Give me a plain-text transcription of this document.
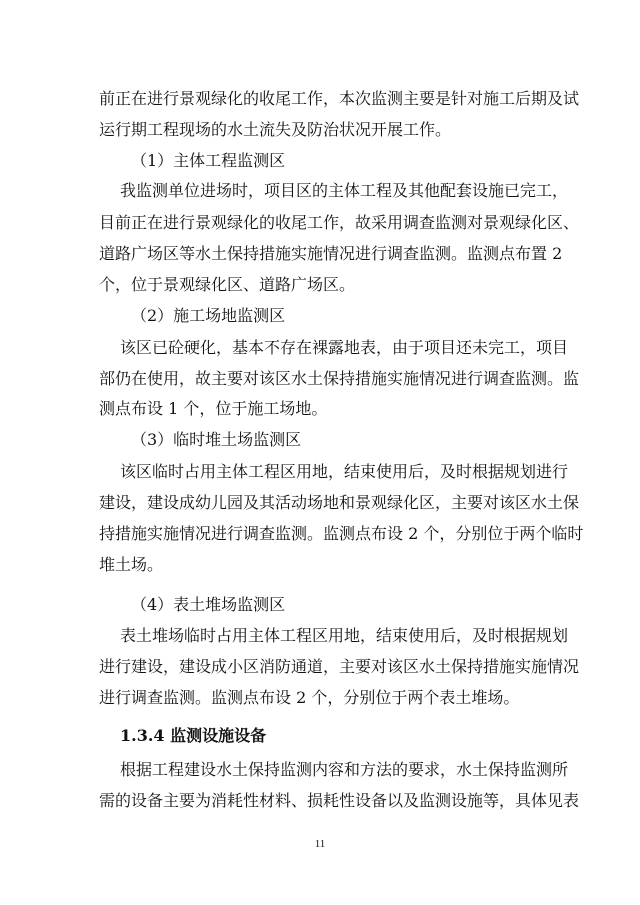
前正在进行景观绿化的收尾工作，本次监测主要是针对施工后期及试
运行期工程现场的水土流失及防治状况开展工作。
（1）主体工程监测区
我监测单位进场时，项目区的主体工程及其他配套设施已完工，
目前正在进行景观绿化的收尾工作，故采用调查监测对景观绿化区、
道路广场区等水土保持措施实施情况进行调查监测。监测点布置 2
个，位于景观绿化区、道路广场区。
（2）施工场地监测区
该区已砼硬化，基本不存在裸露地表，由于项目还未完工，项目
部仍在使用，故主要对该区水土保持措施实施情况进行调查监测。监
测点布设 1 个，位于施工场地。
（3）临时堆土场监测区
该区临时占用主体工程区用地，结束使用后，及时根据规划进行
建设，建设成幼儿园及其活动场地和景观绿化区，主要对该区水土保
持措施实施情况进行调查监测。监测点布设 2 个，分别位于两个临时
堆土场。
（4）表土堆场监测区
表土堆场临时占用主体工程区用地，结束使用后，及时根据规划
进行建设，建设成小区消防通道，主要对该区水土保持措施实施情况
进行调查监测。监测点布设 2 个，分别位于两个表土堆场。
1.3.4 监测设施设备
根据工程建设水土保持监测内容和方法的要求，水土保持监测所
需的设备主要为消耗性材料、损耗性设备以及监测设施等，具体见表
11
